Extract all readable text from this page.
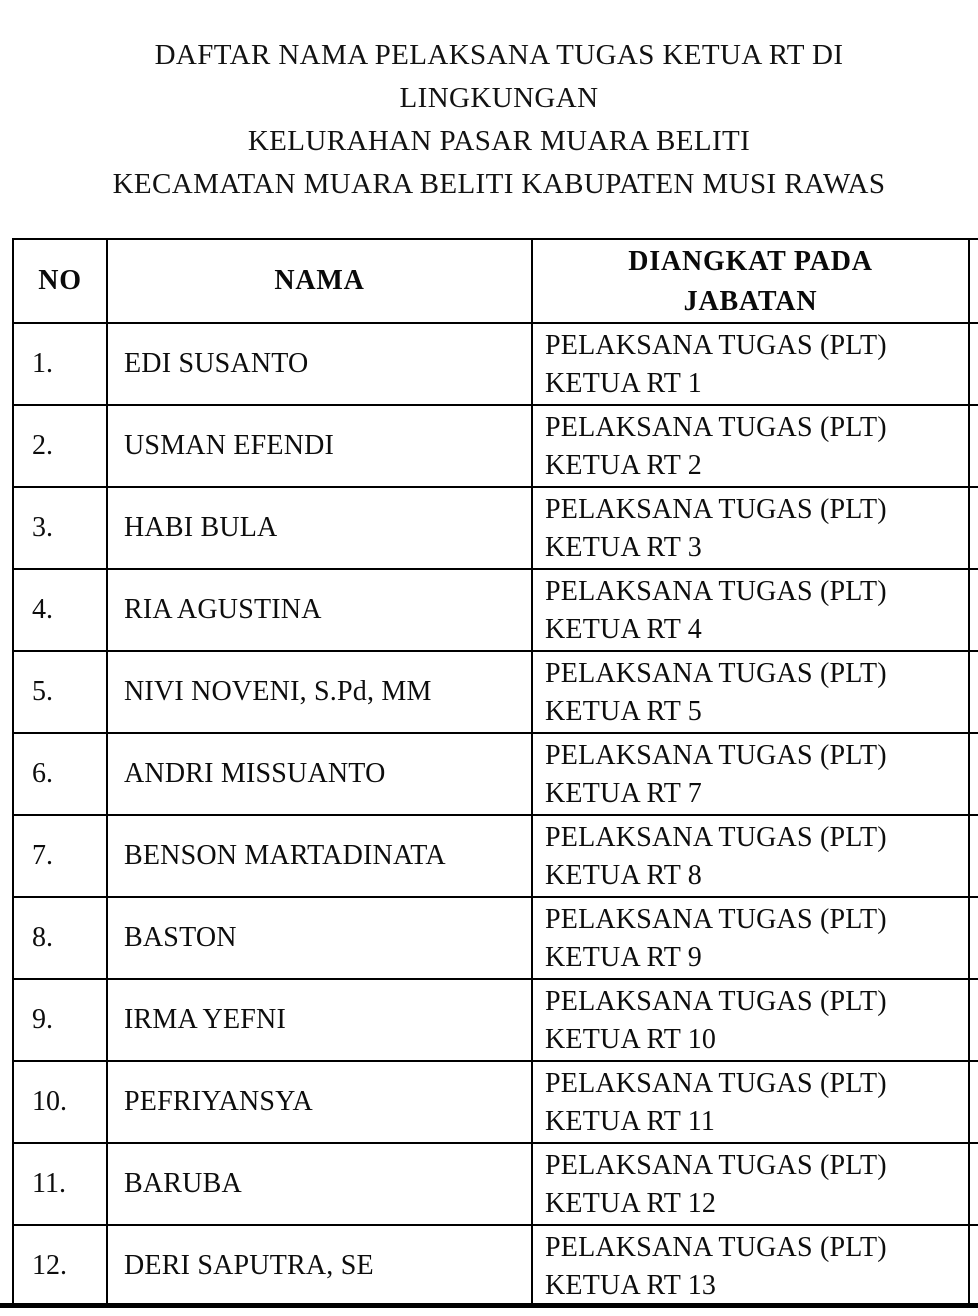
DAFTAR NAMA PELAKSANA TUGAS KETUA RT DI
LINGKUNGAN
KELURAHAN PASAR MUARA BELITI
KECAMATAN MUARA BELITI KABUPATEN MUSI RAWAS
NO	NAMA
DIANGKAT PADA
JABATAN
1.	EDI SUSANTO
PELAKSANA TUGAS (PLT)
KETUA RT 1
2.	USMAN EFENDI
PELAKSANA TUGAS (PLT)
KETUA RT 2
3.	HABI BULA
PELAKSANA TUGAS (PLT)
KETUA RT 3
4.	RIA AGUSTINA
PELAKSANA TUGAS (PLT)
KETUA RT 4
5.	NIVI NOVENI, S.Pd, MM
PELAKSANA TUGAS (PLT)
KETUA RT 5
6.	ANDRI MISSUANTO
PELAKSANA TUGAS (PLT)
KETUA RT 7
7.	BENSON MARTADINATA
PELAKSANA TUGAS (PLT)
KETUA RT 8
8.	BASTON
PELAKSANA TUGAS (PLT)
KETUA RT 9
9.	IRMA YEFNI
PELAKSANA TUGAS (PLT)
KETUA RT 10
10. PEFRIYANSYA
PELAKSANA TUGAS (PLT)
KETUA RT 11
11. BARUBA
PELAKSANA TUGAS (PLT)
KETUA RT 12
12. DERI SAPUTRA, SE
PELAKSANA TUGAS (PLT)
KETUA RT 13
